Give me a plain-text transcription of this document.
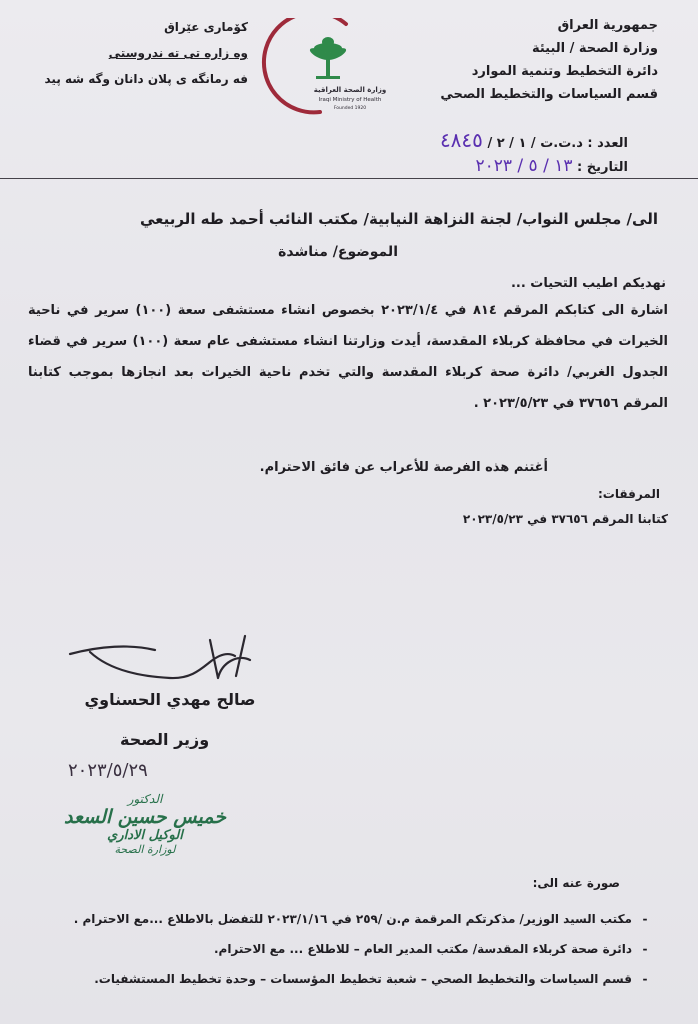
جمهورية العراق
وزارة الصحة / البيئة
دائرة التخطيط وتنمية الموارد
قسم السياسات والتخطيط الصحي
کۆماری عێراق
وه زاره تی ته ندروستی
فه رمانگه ی پلان دانان وگه شه پید
وزارة الصحة العراقية
Iraqi Ministry of Health
Founded 1920
العدد : د.ت.ت / ١ / ٢ / ٤٨٤٥
التاريخ : ١٣ / ٥ / ٢٠٢٣
الى/ مجلس النواب/ لجنة النزاهة النيابية/ مكتب النائب أحمد طه الربيعي
الموضوع/ مناشدة
نهديكم اطيب التحيات ...
اشارة الى كتابكم المرقم ٨١٤ في ٢٠٢٣/١/٤ بخصوص انشاء مستشفى سعة (١٠٠) سرير في ناحية الخيرات في محافظة كربلاء المقدسة، أيدت وزارتنا انشاء مستشفى عام سعة (١٠٠) سرير في قضاء الجدول الغربي/ دائرة صحة كربلاء المقدسة والتي تخدم ناحية الخيرات بعد انجازها بموجب كتابنا المرقم ٣٧٦٥٦ في ٢٠٢٣/٥/٢٣ .
أغتنم هذه الفرصة للأعراب عن فائق الاحترام.
المرفقات:
كتابنا المرقم ٣٧٦٥٦ في ٢٠٢٣/٥/٢٣
صالح مهدي الحسناوي
وزير الصحة
٢٠٢٣/٥/٢٩
الدكتور
خميس حسين السعد
الوكيل الاداري
لوزارة الصحة
صورة عنه الى:
-مكتب السيد الوزير/ مذكرتكم المرقمة م.ن /٢٥٩ في ٢٠٢٣/١/١٦ للتفضل بالاطلاع ...مع الاحترام .
-دائرة صحة كربلاء المقدسة/ مكتب المدير العام – للاطلاع ... مع الاحترام.
-قسم السياسات والتخطيط الصحي – شعبة تخطيط المؤسسات – وحدة تخطيط المستشفيات.
